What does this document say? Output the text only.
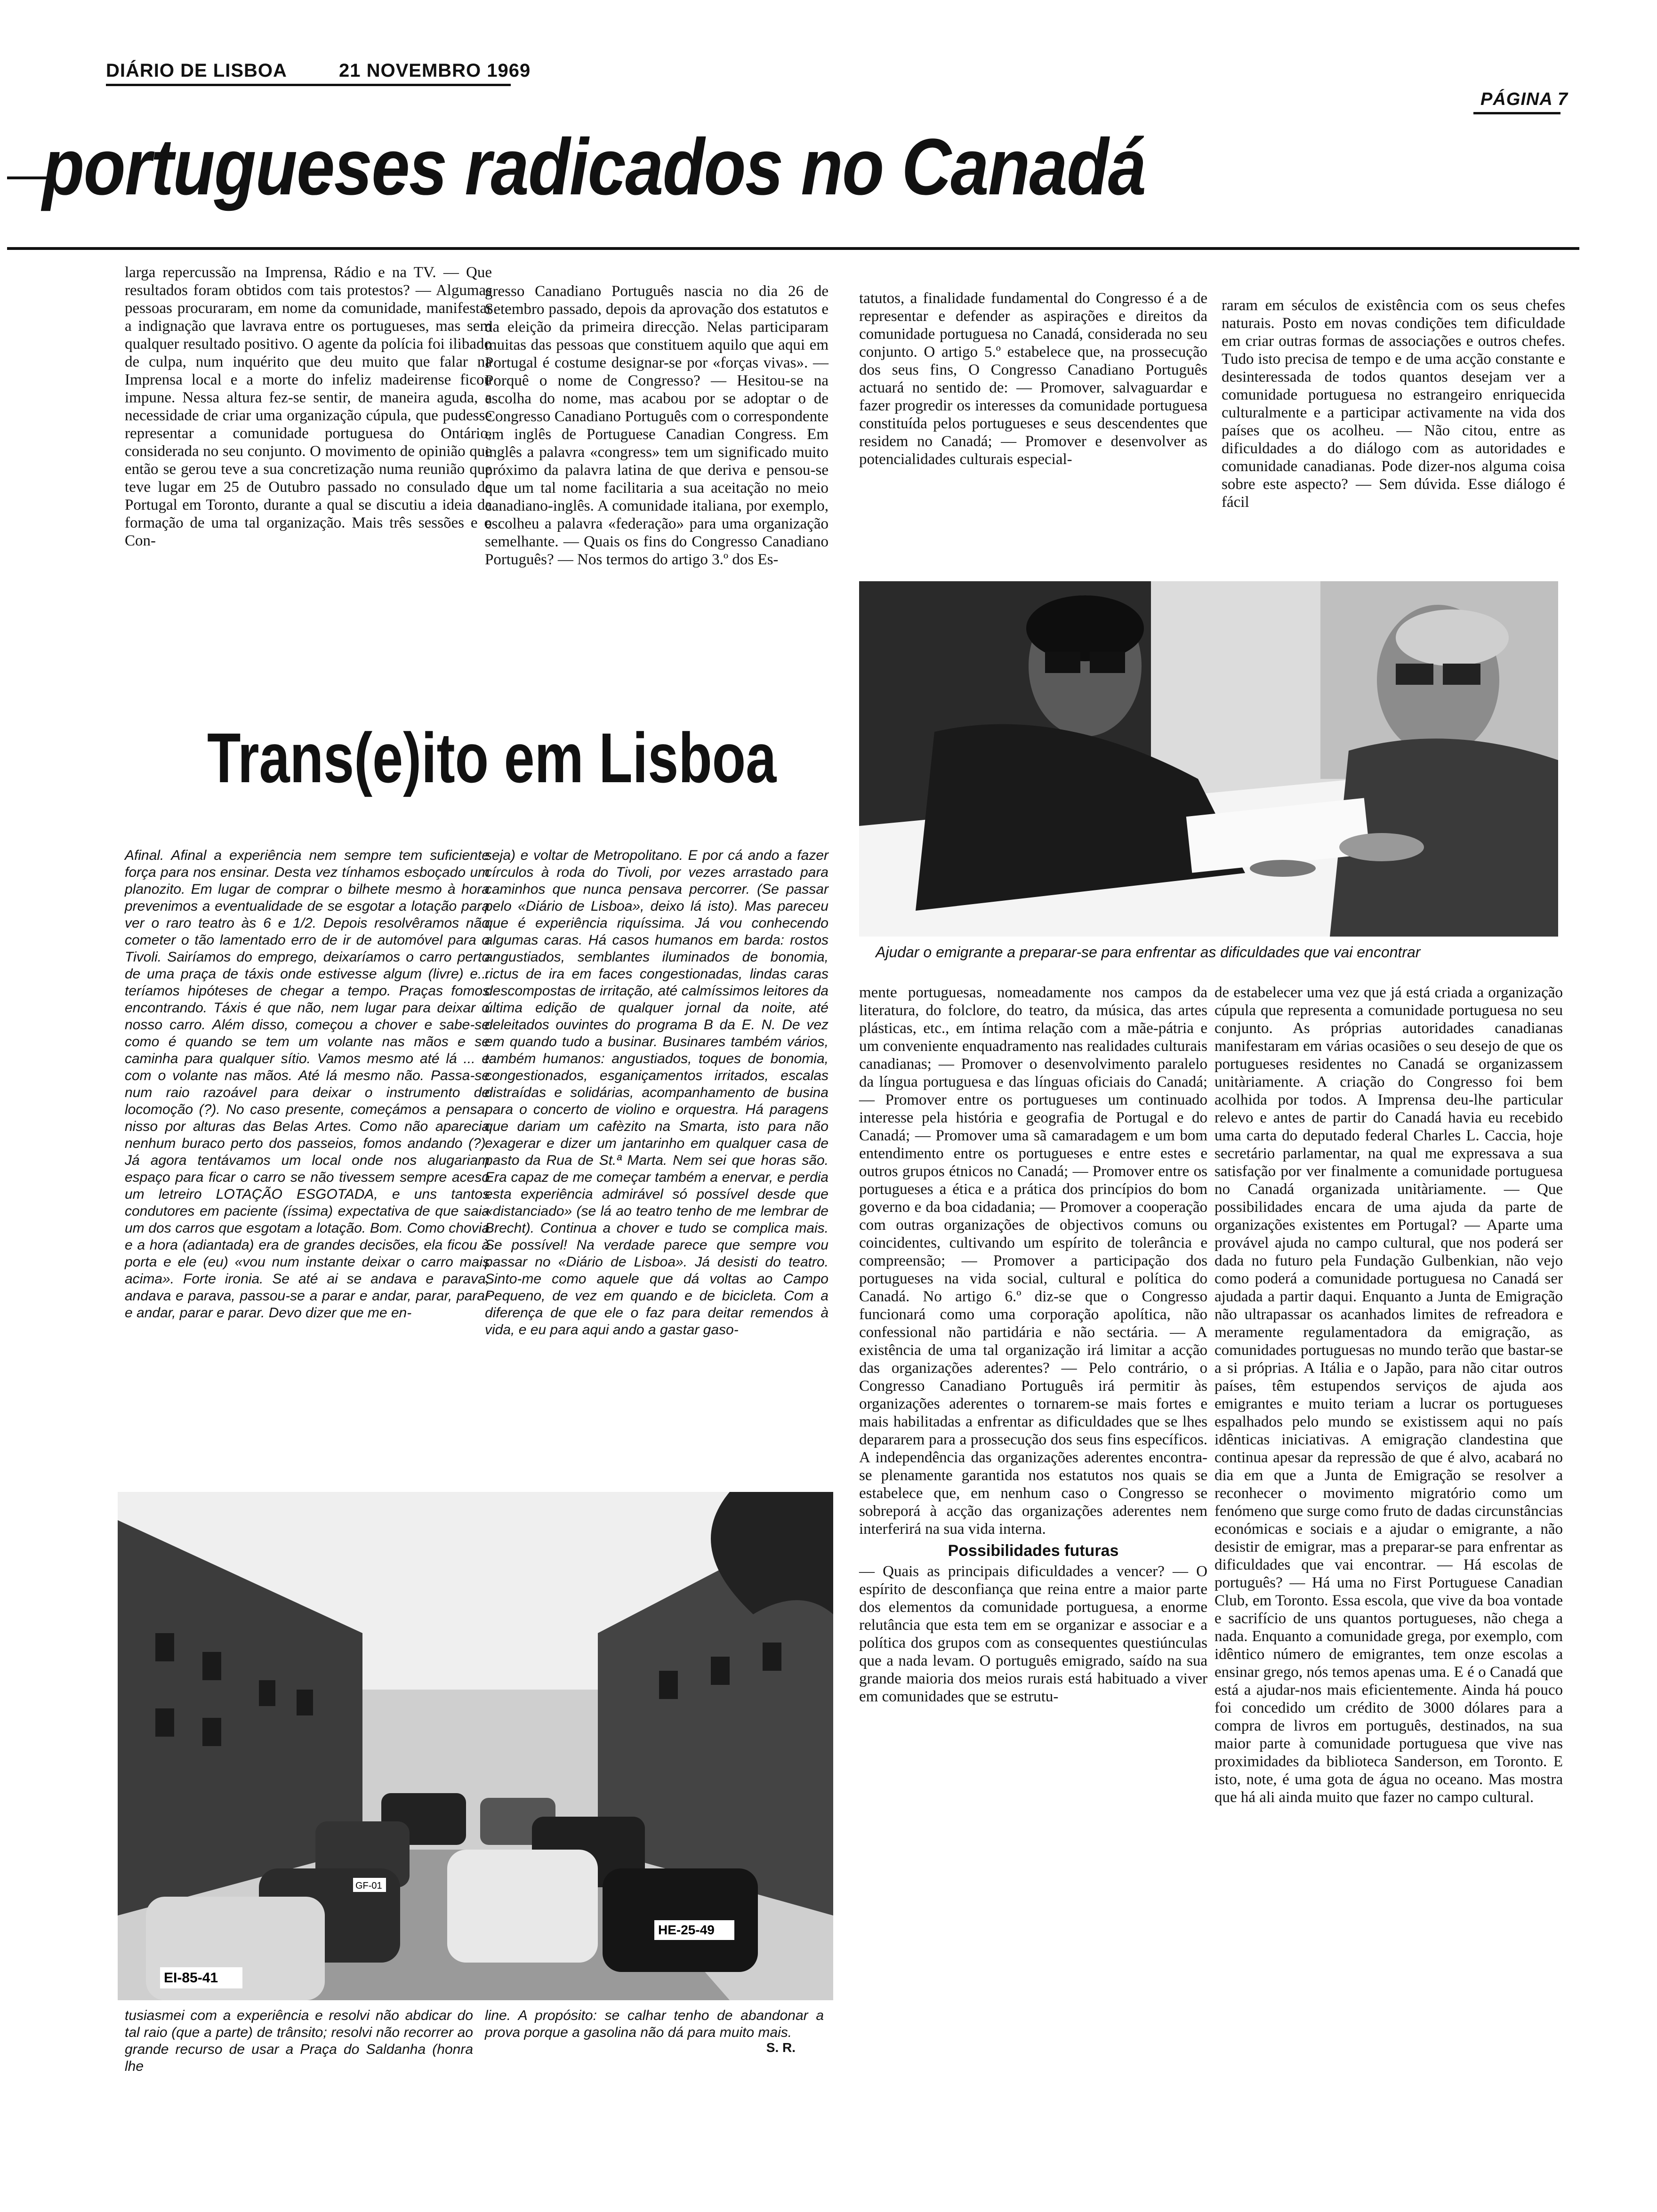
DIÁRIO DE LISBOA	21 NOVEMBRO 1969
PÁGINA 7
portugueses radicados no Canadá
larga repercussão na Imprensa, Rádio e na TV. — Que resultados foram obtidos com tais protestos? — Algumas pessoas procuraram, em nome da comunidade, manifestar a indignação que lavrava entre os portugueses, mas sem qualquer resultado positivo. O agente da polícia foi ilibado de culpa, num inquérito que deu muito que falar na Imprensa local e a morte do infeliz madeirense ficou impune. Nessa altura fez-se sentir, de maneira aguda, a necessidade de criar uma organização cúpula, que pudesse representar a comunidade portuguesa do Ontário, considerada no seu conjunto. O movimento de opinião que então se gerou teve a sua concretização numa reunião que teve lugar em 25 de Outubro passado no consulado de Portugal em Toronto, durante a qual se discutiu a ideia da formação de uma tal organização. Mais três sessões e o Con-
gresso Canadiano Português nascia no dia 26 de Setembro passado, depois da aprovação dos estatutos e da eleição da primeira direcção. Nelas participaram muitas das pessoas que constituem aquilo que aqui em Portugal é costume designar-se por «forças vivas». — Porquê o nome de Congresso? — Hesitou-se na escolha do nome, mas acabou por se adoptar o de Congresso Canadiano Português com o correspondente em inglês de Portuguese Canadian Congress. Em inglês a palavra «congress» tem um significado muito próximo da palavra latina de que deriva e pensou-se que um tal nome facilitaria a sua aceitação no meio canadiano-inglês. A comunidade italiana, por exemplo, escolheu a palavra «federação» para uma organização semelhante. — Quais os fins do Congresso Canadiano Português? — Nos termos do artigo 3.º dos Es-
tatutos, a finalidade fundamental do Congresso é a de representar e defender as aspirações e direitos da comunidade portuguesa no Canadá, considerada no seu conjunto. O artigo 5.º estabelece que, na prossecução dos seus fins, O Congresso Canadiano Português actuará no sentido de: — Promover, salvaguardar e fazer progredir os interesses da comunidade portuguesa constituída pelos portugueses e seus descendentes que residem no Canadá; — Promover e desenvolver as potencialidades culturais especial-
raram em séculos de existência com os seus chefes naturais. Posto em novas condições tem dificuldade em criar outras formas de associações e outros chefes. Tudo isto precisa de tempo e de uma acção constante e desinteressada de todos quantos desejam ver a comunidade portuguesa no estrangeiro enriquecida culturalmente e a participar activamente na vida dos países que os acolheu. — Não citou, entre as dificuldades a do diálogo com as autoridades e comunidade canadianas. Pode dizer-nos alguma coisa sobre este aspecto? — Sem dúvida. Esse diálogo é fácil
Ajudar o emigrante a preparar-se para enfrentar as dificuldades que vai encontrar
Trans(e)ito em Lisboa
Afinal. Afinal a experiência nem sempre tem suficiente força para nos ensinar. Desta vez tínhamos esboçado um planozito. Em lugar de comprar o bilhete mesmo à hora prevenimos a eventualidade de se esgotar a lotação para ver o raro teatro às 6 e 1/2. Depois resolvêramos não cometer o tão lamentado erro de ir de automóvel para o Tivoli. Sairíamos do emprego, deixaríamos o carro perto de uma praça de táxis onde estivesse algum (livre) e... teríamos hipóteses de chegar a tempo. Praças fomos encontrando. Táxis é que não, nem lugar para deixar o nosso carro. Além disso, começou a chover e sabe-se como é quando se tem um volante nas mãos e se caminha para qualquer sítio. Vamos mesmo até lá ... e com o volante nas mãos. Até lá mesmo não. Passa-se num raio razoável para deixar o instrumento de locomoção (?). No caso presente, começámos a pensar nisso por alturas das Belas Artes. Como não aparecia nenhum buraco perto dos passeios, fomos andando (?). Já agora tentávamos um local onde nos alugariam espaço para ficar o carro se não tivessem sempre aceso um letreiro LOTAÇÃO ESGOTADA, e uns tantos condutores em paciente (íssima) expectativa de que saia um dos carros que esgotam a lotação. Bom. Como chovia e a hora (adiantada) era de grandes decisões, ela ficou à porta e ele (eu) «vou num instante deixar o carro mais acima». Forte ironia. Se até ai se andava e parava, andava e parava, passou-se a parar e andar, parar, parar e andar, parar e parar. Devo dizer que me en-
seja) e voltar de Metropolitano. E por cá ando a fazer círculos à roda do Tivoli, por vezes arrastado para caminhos que nunca pensava percorrer. (Se passar pelo «Diário de Lisboa», deixo lá isto). Mas pareceu que é experiência riquíssima. Já vou conhecendo algumas caras. Há casos humanos em barda: rostos angustiados, semblantes iluminados de bonomia, rictus de ira em faces congestionadas, lindas caras descompostas de irritação, até calmíssimos leitores da última edição de qualquer jornal da noite, até deleitados ouvintes do programa B da E. N. De vez em quando tudo a businar. Businares também vários, também humanos: angustiados, toques de bonomia, congestionados, esganiçamentos irritados, escalas distraídas e solidárias, acompanhamento de busina para o concerto de violino e orquestra. Há paragens que dariam um cafèzito na Smarta, isto para não exagerar e dizer um jantarinho em qualquer casa de pasto da Rua de St.ª Marta. Nem sei que horas são. Era capaz de me começar também a enervar, e perdia esta experiência admirável só possível desde que «distanciado» (se lá ao teatro tenho de me lembrar de Brecht). Continua a chover e tudo se complica mais. Se possível! Na verdade parece que sempre vou passar no «Diário de Lisboa». Já desisti do teatro. Sinto-me como aquele que dá voltas ao Campo Pequeno, de vez em quando e de bicicleta. Com a diferença de que ele o faz para deitar remendos à vida, e eu para aqui ando a gastar gaso-
GF-01
HE-25-49
EI-85-41
tusiasmei com a experiência e resolvi não abdicar do tal raio (que a parte) de trânsito; resolvi não recorrer ao grande recurso de usar a Praça do Saldanha (honra lhe
line. A propósito: se calhar tenho de abandonar a prova porque a gasolina não dá para muito mais.
S. R.
mente portuguesas, nomeadamente nos campos da literatura, do folclore, do teatro, da música, das artes plásticas, etc., em íntima relação com a mãe-pátria e um conveniente enquadramento nas realidades culturais canadianas; — Promover o desenvolvimento paralelo da língua portuguesa e das línguas oficiais do Canadá; — Promover entre os portugueses um continuado interesse pela história e geografia de Portugal e do Canadá; — Promover uma sã camaradagem e um bom entendimento entre os portugueses e entre estes e outros grupos étnicos no Canadá; — Promover entre os portugueses a ética e a prática dos princípios do bom governo e da boa cidadania; — Promover a cooperação com outras organizações de objectivos comuns ou coincidentes, cultivando um espírito de tolerância e compreensão; — Promover a participação dos portugueses na vida social, cultural e política do Canadá. No artigo 6.º diz-se que o Congresso funcionará como uma corporação apolítica, não confessional não partidária e não sectária. — A existência de uma tal organização irá limitar a acção das organizações aderentes? — Pelo contrário, o Congresso Canadiano Português irá permitir às organizações aderentes o tornarem-se mais fortes e mais habilitadas a enfrentar as dificuldades que se lhes depararem para a prossecução dos seus fins específicos. A independência das organizações aderentes encontra-se plenamente garantida nos estatutos nos quais se estabelece que, em nenhum caso o Congresso se sobreporá à acção das organizações aderentes nem interferirá na sua vida interna.
Possibilidades futuras
— Quais as principais dificuldades a vencer? — O espírito de desconfiança que reina entre a maior parte dos elementos da comunidade portuguesa, a enorme relutância que esta tem em se organizar e associar e a política dos grupos com as consequentes questiúnculas que a nada levam. O português emigrado, saído na sua grande maioria dos meios rurais está habituado a viver em comunidades que se estrutu-
de estabelecer uma vez que já está criada a organização cúpula que representa a comunidade portuguesa no seu conjunto. As próprias autoridades canadianas manifestaram em várias ocasiões o seu desejo de que os portugueses residentes no Canadá se organizassem unitàriamente. A criação do Congresso foi bem acolhida por todos. A Imprensa deu-lhe particular relevo e antes de partir do Canadá havia eu recebido uma carta do deputado federal Charles L. Caccia, hoje secretário parlamentar, na qual me expressava a sua satisfação por ver finalmente a comunidade portuguesa no Canadá organizada unitàriamente. — Que possibilidades encara de uma ajuda da parte de organizações existentes em Portugal? — Aparte uma provável ajuda no campo cultural, que nos poderá ser dada no futuro pela Fundação Gulbenkian, não vejo como poderá a comunidade portuguesa no Canadá ser ajudada a partir daqui. Enquanto a Junta de Emigração não ultrapassar os acanhados limites de refreadora e meramente regulamentadora da emigração, as comunidades portuguesas no mundo terão que bastar-se a si próprias. A Itália e o Japão, para não citar outros países, têm estupendos serviços de ajuda aos emigrantes e muito teriam a lucrar os portugueses espalhados pelo mundo se existissem aqui no país idênticas iniciativas. A emigração clandestina que continua apesar da repressão de que é alvo, acabará no dia em que a Junta de Emigração se resolver a reconhecer o movimento migratório como um fenómeno que surge como fruto de dadas circunstâncias económicas e sociais e a ajudar o emigrante, a não desistir de emigrar, mas a preparar-se para enfrentar as dificuldades que vai encontrar. — Há escolas de português? — Há uma no First Portuguese Canadian Club, em Toronto. Essa escola, que vive da boa vontade e sacrifício de uns quantos portugueses, não chega a nada. Enquanto a comunidade grega, por exemplo, com idêntico número de emigrantes, tem onze escolas a ensinar grego, nós temos apenas uma. E é o Canadá que está a ajudar-nos mais eficientemente. Ainda há pouco foi concedido um crédito de 3000 dólares para a compra de livros em português, destinados, na sua maior parte à comunidade portuguesa que vive nas proximidades da biblioteca Sanderson, em Toronto. E isto, note, é uma gota de água no oceano. Mas mostra que há ali ainda muito que fazer no campo cultural.
